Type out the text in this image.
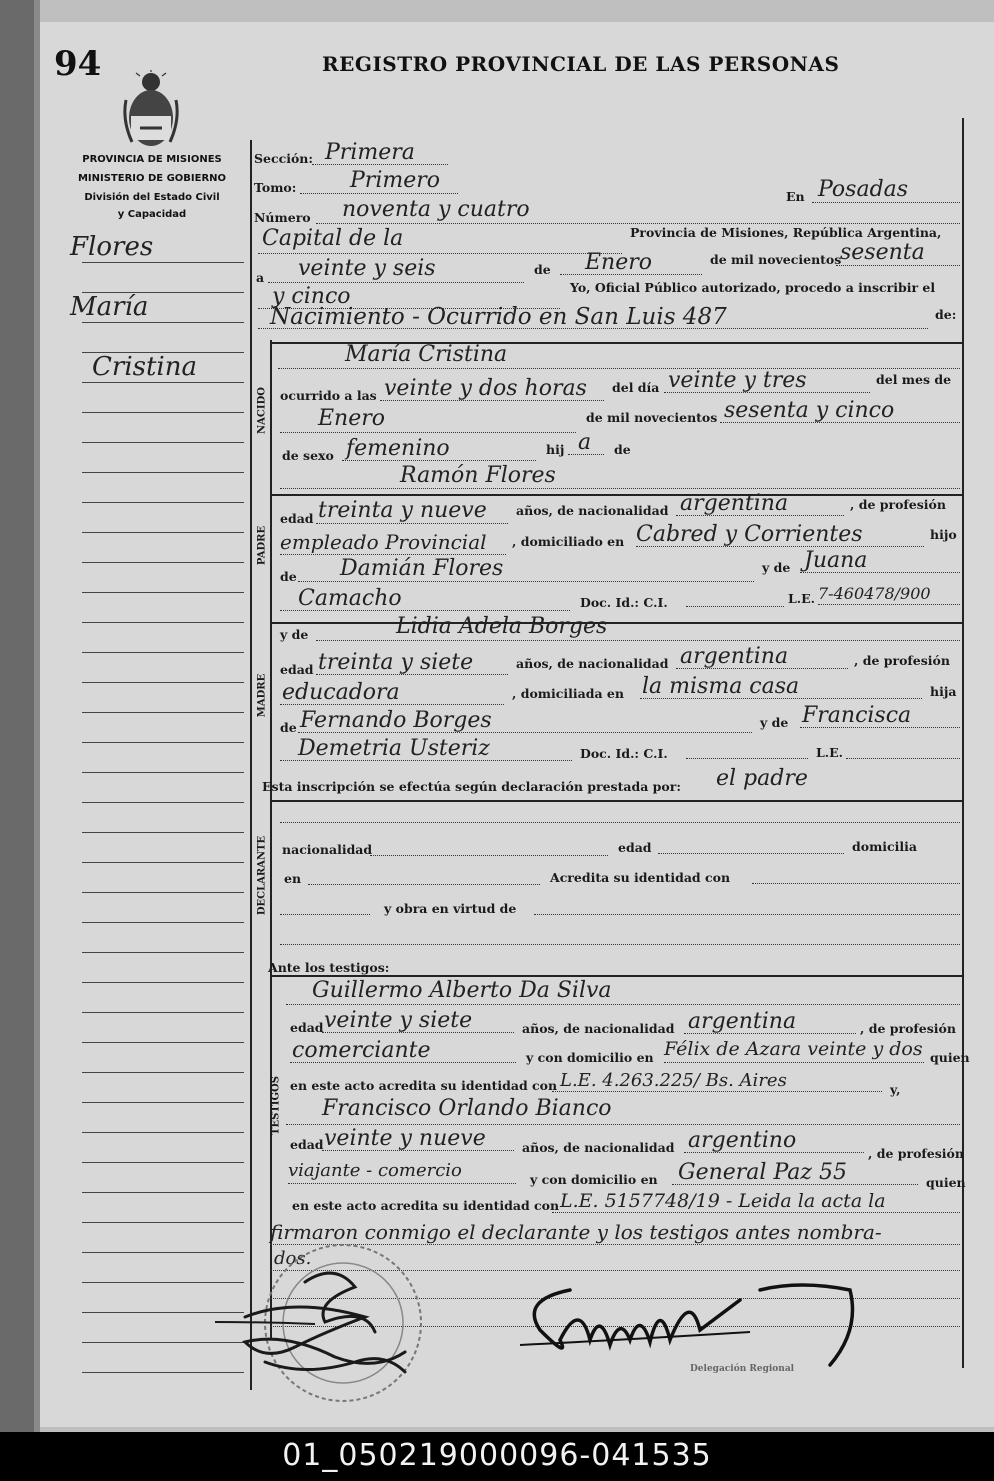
94	REGISTRO PROVINCIAL DE LAS PERSONAS
PROVINCIA DE MISIONES
MINISTERIO DE GOBIERNO
División del Estado Civil
y Capacidad
Flores
María
Cristina
Sección: Primera
Tomo: Primero
En Posadas
Número noventa y cuatro
Capital de la	Provincia de Misiones, República Argentina,
a veinte y seis	de Enero	de mil novecientos
sesenta
y cinco	Yo, Oficial Público autorizado, procedo a inscribir el
Nacimiento - Ocurrido en San Luis 487	de:
NACIDO
María Cristina
ocurrido a las veinte y dos horas del día veinte y tres	del mes de
Enero	de mil novecientos sesenta y cinco
de sexo femenino	hij a de
Ramón Flores
PADRE
edad treinta y nueve años, de nacionalidad argentina	, de profesión
empleado Provincial , domiciliado en Cabred y Corrientes	hijo
de Damián Flores	y de Juana
Camacho	Doc. Id.: C.I.	L.E. 7-460478/900
MADRE
y de	Lidia Adela Borges
edad treinta y siete	años, de nacionalidad argentina	, de profesión
educadora	, domiciliada en la misma casa	hija
de Fernando Borges	y de Francisca
Demetria Usteriz	Doc. Id.: C.I.	L.E.
Esta inscripción se efectúa según declaración prestada por: el padre
DECLARANTE nacionalidad	edad	domicilia
en	Acredita su identidad con
y obra en virtud de
Ante los testigos:
TESTIGOS
Guillermo Alberto Da Silva
edad veinte y siete	años, de nacionalidad argentina	, de profesión
comerciante	y con domicilio en Félix de Azara veinte y dos quien
en este acto acredita su identidad con L.E. 4.263.225/ Bs. Aires	y,
Francisco Orlando Bianco
edad veinte y nueve	años, de nacionalidad argentino
, de profesión
viajante - comercio	y con domicilio en General Paz 55	quien
en este acto acredita su identidad con L.E. 5157748/19 - Leida la acta la
firmaron conmigo el declarante y los testigos antes nombra-
dos.
Delegación Regional
01_050219000096-041535
